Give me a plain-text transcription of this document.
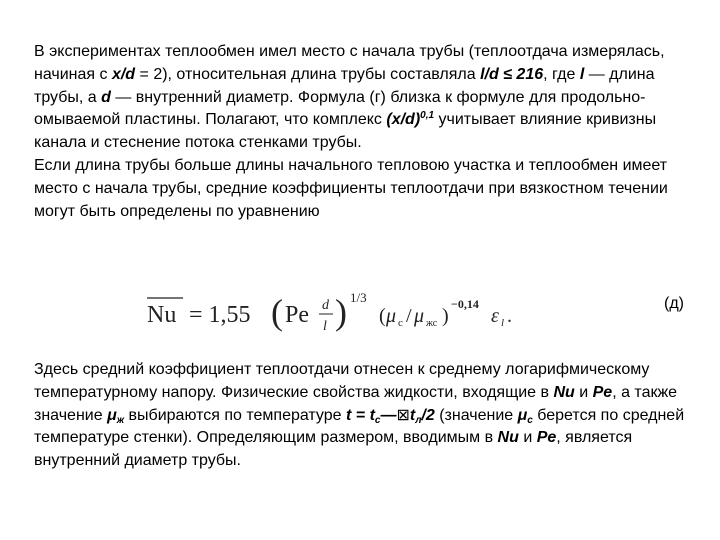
В экспериментах теплообмен имел место с начала трубы (теплоотдача измерялась, начиная с x/d = 2), относительная длина трубы составляла l/d ≤ 216, где l — длина трубы, а d — внутренний диаметр. Формула (г) близка к формуле для продольно-омываемой пластины. Полагают, что комплекс $(x/d)^{0,1}$ учитывает влияние кривизны канала и стеснение потока стенками трубы.

Если длина трубы больше длины начального тепловою участка и теплообмен имеет место с начала трубы, средние коэффициенты теплоотдачи при вязкостном течении могут быть определены по уравнению

Nu = 1,55 ( Pe d
l ) 1/3
( μ c / μ жс )
−0,14
ε l .
(д)

Здесь средний коэффициент теплоотдачи отнесен к среднему логарифмическому температурному напору. Физические свойства жидкости, входящие в Nu и Pe, а также значение $\mu_ж$ выбираются по температуре $t = t_c—⊠t_л/2$ (значение $\mu_c$ берется по средней температуре стенки). Определяющим размером, вводимым в Nu и Pe, является внутренний диаметр трубы.
